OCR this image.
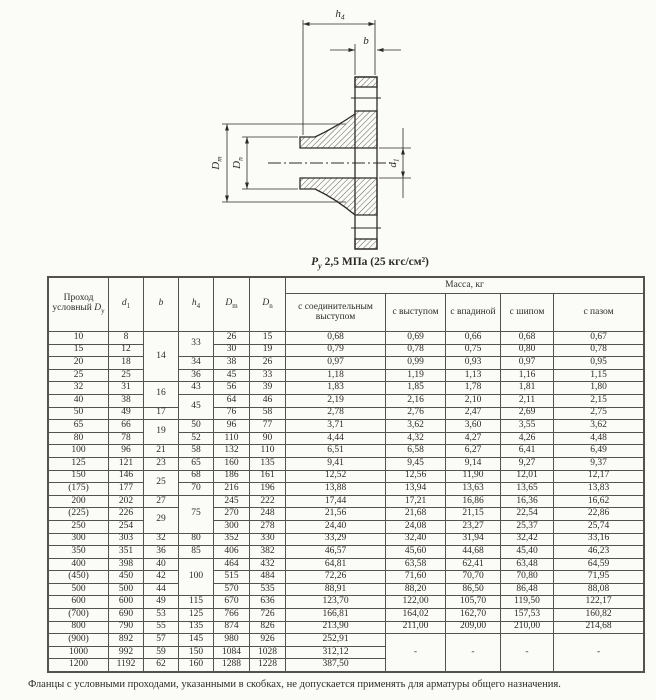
$h_4$
b
$D_m$
$D_n$
$d_1$
$P_у$ 2,5 МПа (25 кгс/см²)
Проход
условный $D_у$	$d_1$	b	$h_4$	$D_m$	$D_n$	Масса, кг				
						с соединительным выступом	с выступом	с впадиной	с шипом	с пазом
10	8	14	33	26	15	0,68	0,69	0,66	0,68	0,67
15	12			30	19	0,79	0,78	0,75	0,80	0,78
20	18		34	38	26	0,97	0,99	0,93	0,97	0,95
25	25		36	45	33	1,18	1,19	1,13	1,16	1,15
32	31	16	43	56	39	1,83	1,85	1,78	1,81	1,80
40	38		45	64	46	2,19	2,16	2,10	2,11	2,15
50	49	17		76	58	2,78	2,76	2,47	2,69	2,75
65	66	19	50	96	77	3,71	3,62	3,60	3,55	3,62
80	78		52	110	90	4,44	4,32	4,27	4,26	4,48
100	96	21	58	132	110	6,51	6,58	6,27	6,41	6,49
125	121	23	65	160	135	9,41	9,45	9,14	9,27	9,37
150	146	25	68	186	161	12,52	12,56	11,90	12,01	12,17
(175)	177		70	216	196	13,88	13,94	13,63	13,65	13,83
200	202	27	75	245	222	17,44	17,21	16,86	16,36	16,62
(225)	226	29		270	248	21,56	21,68	21,15	22,54	22,86
250	254			300	278	24,40	24,08	23,27	25,37	25,74
300	303	32	80	352	330	33,29	32,40	31,94	32,42	33,16
350	351	36	85	406	382	46,57	45,60	44,68	45,40	46,23
400	398	40	100	464	432	64,81	63,58	62,41	63,48	64,59
(450)	450	42		515	484	72,26	71,60	70,70	70,80	71,95
500	500	44		570	535	88,91	88,20	86,50	86,48	88,08
600	600	49	115	670	636	123,70	122,00	105,70	119,50	122,17
(700)	690	53	125	766	726	166,81	164,02	162,70	157,53	160,82
800	790	55	135	874	826	213,90	211,00	209,00	210,00	214,68
(900)	892	57	145	980	926	252,91	-	-	-	-
1000	992	59	150	1084	1028	312,12				
1200	1192	62	160	1288	1228	387,50				
Фланцы с условными проходами, указанными в скобках, не допускается применять для арматуры общего назначения.
